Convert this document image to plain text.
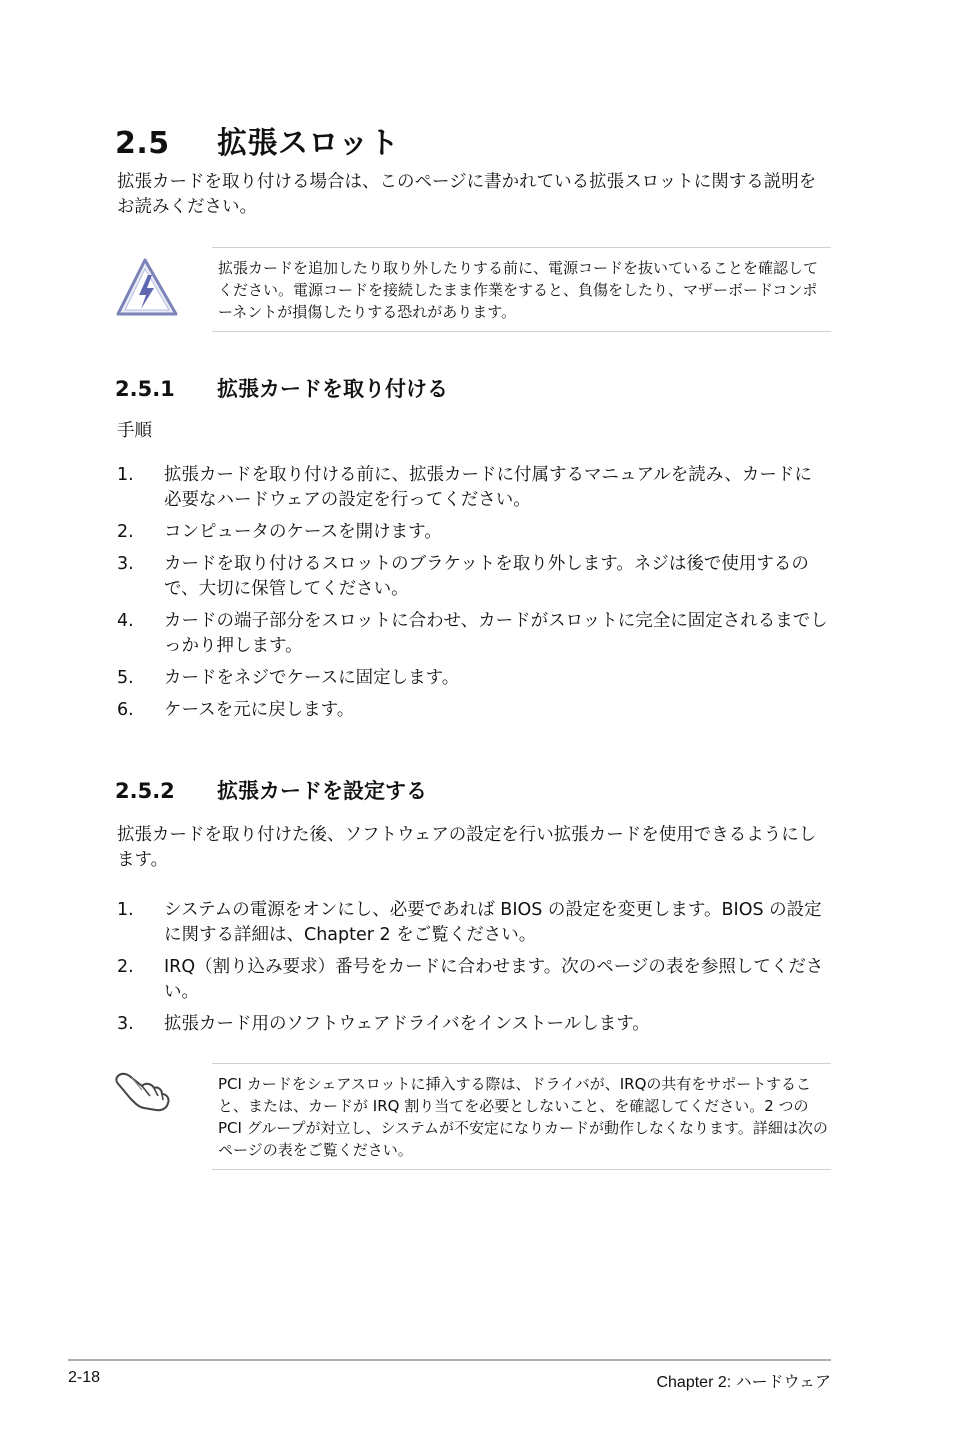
2.5 拡張スロット
拡張カードを取り付ける場合は、このページに書かれている拡張スロットに関する説明をお読みください。
拡張カードを追加したり取り外したりする前に、電源コードを抜いていることを確認してください。電源コードを接続したまま作業をすると、負傷をしたり、マザーボードコンポーネントが損傷したりする恐れがあります。
2.5.1 拡張カードを取り付ける
手順
1. 拡張カードを取り付ける前に、拡張カードに付属するマニュアルを読み、カードに必要なハードウェアの設定を行ってください。
2. コンピュータのケースを開けます。
3. カードを取り付けるスロットのブラケットを取り外します。ネジは後で使用するので、大切に保管してください。
4. カードの端子部分をスロットに合わせ、カードがスロットに完全に固定されるまでしっかり押します。
5. カードをネジでケースに固定します。
6. ケースを元に戻します。
2.5.2 拡張カードを設定する
拡張カードを取り付けた後、ソフトウェアの設定を行い拡張カードを使用できるようにします。
1. システムの電源をオンにし、必要であれば BIOS の設定を変更します。BIOS の設定に関する詳細は、Chapter 2 をご覧ください。
2. IRQ（割り込み要求）番号をカードに合わせます。次のページの表を参照してください。
3. 拡張カード用のソフトウェアドライバをインストールします。
PCI カードをシェアスロットに挿入する際は、ドライバが、IRQの共有をサポートすること、または、カードが IRQ 割り当てを必要としないこと、を確認してください。2 つの PCI グループが対立し、システムが不安定になりカードが動作しなくなります。詳細は次のページの表をご覧ください。
2-18	Chapter 2: ハードウェア
